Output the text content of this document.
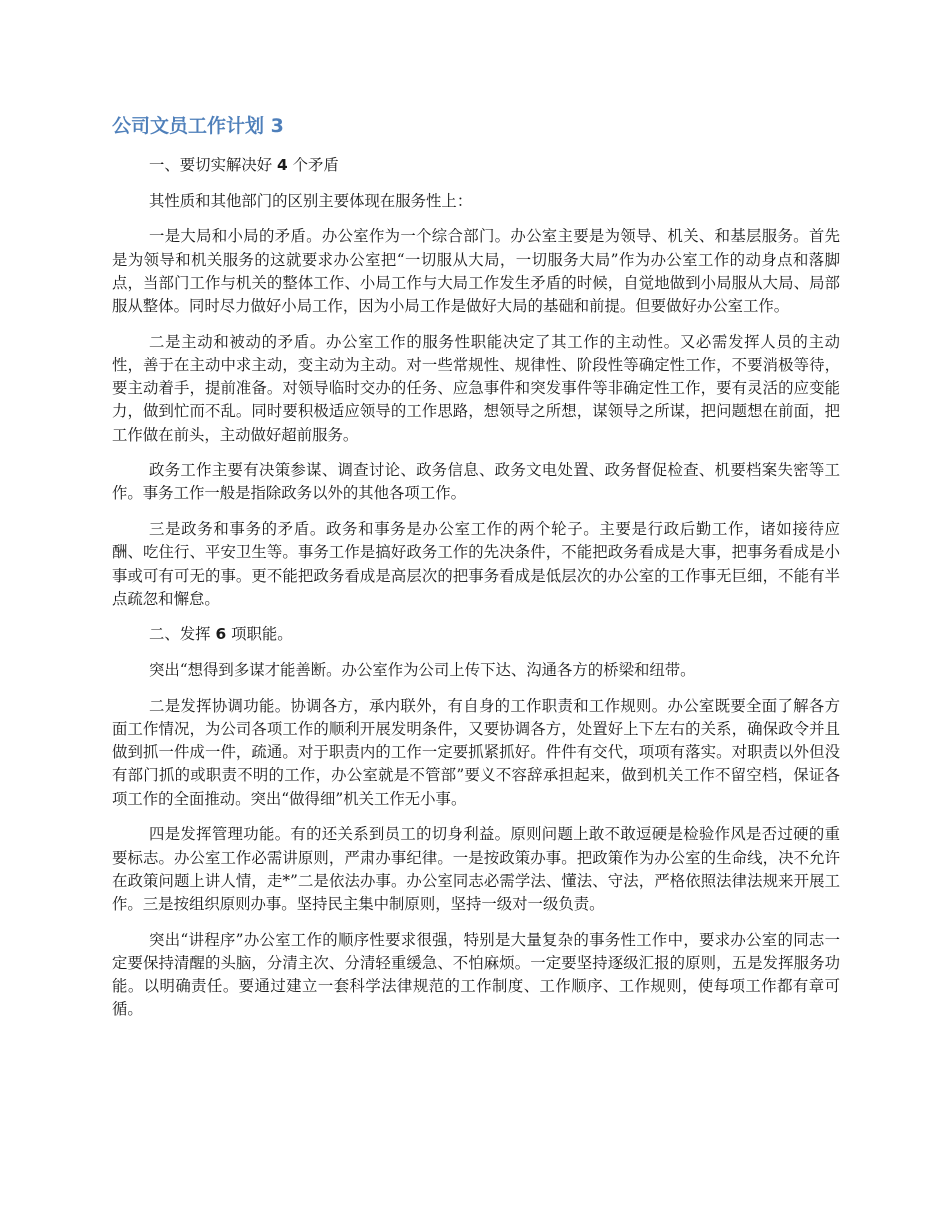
公司文员工作计划 3

一、要切实解决好 4 个矛盾

其性质和其他部门的区别主要体现在服务性上：

一是大局和小局的矛盾。办公室作为一个综合部门。办公室主要是为领导、机关、和基层服务。首先是为领导和机关服务的这就要求办公室把“一切服从大局，一切服务大局”作为办公室工作的动身点和落脚点，当部门工作与机关的整体工作、小局工作与大局工作发生矛盾的时候，自觉地做到小局服从大局、局部服从整体。同时尽力做好小局工作，因为小局工作是做好大局的基础和前提。但要做好办公室工作。

二是主动和被动的矛盾。办公室工作的服务性职能决定了其工作的主动性。又必需发挥人员的主动性，善于在主动中求主动，变主动为主动。对一些常规性、规律性、阶段性等确定性工作，不要消极等待，要主动着手，提前准备。对领导临时交办的任务、应急事件和突发事件等非确定性工作，要有灵活的应变能力，做到忙而不乱。同时要积极适应领导的工作思路，想领导之所想，谋领导之所谋，把问题想在前面，把工作做在前头，主动做好超前服务。

政务工作主要有决策参谋、调查讨论、政务信息、政务文电处置、政务督促检查、机要档案失密等工作。事务工作一般是指除政务以外的其他各项工作。

三是政务和事务的矛盾。政务和事务是办公室工作的两个轮子。主要是行政后勤工作，诸如接待应酬、吃住行、平安卫生等。事务工作是搞好政务工作的先决条件，不能把政务看成是大事，把事务看成是小事或可有可无的事。更不能把政务看成是高层次的把事务看成是低层次的办公室的工作事无巨细，不能有半点疏忽和懈怠。

二、发挥 6 项职能。

突出“想得到多谋才能善断。办公室作为公司上传下达、沟通各方的桥梁和纽带。

二是发挥协调功能。协调各方，承内联外，有自身的工作职责和工作规则。办公室既要全面了解各方面工作情况，为公司各项工作的顺利开展发明条件，又要协调各方，处置好上下左右的关系，确保政令并且做到抓一件成一件，疏通。对于职责内的工作一定要抓紧抓好。件件有交代，项项有落实。对职责以外但没有部门抓的或职责不明的工作，办公室就是不管部”要义不容辞承担起来，做到机关工作不留空档，保证各项工作的全面推动。突出“做得细”机关工作无小事。

四是发挥管理功能。有的还关系到员工的切身利益。原则问题上敢不敢逗硬是检验作风是否过硬的重要标志。办公室工作必需讲原则，严肃办事纪律。一是按政策办事。把政策作为办公室的生命线，决不允许在政策问题上讲人情，走*”二是依法办事。办公室同志必需学法、懂法、守法，严格依照法律法规来开展工作。三是按组织原则办事。坚持民主集中制原则，坚持一级对一级负责。

突出“讲程序”办公室工作的顺序性要求很强，特别是大量复杂的事务性工作中，要求办公室的同志一定要保持清醒的头脑，分清主次、分清轻重缓急、不怕麻烦。一定要坚持逐级汇报的原则，五是发挥服务功能。以明确责任。要通过建立一套科学法律规范的工作制度、工作顺序、工作规则，使每项工作都有章可循。
